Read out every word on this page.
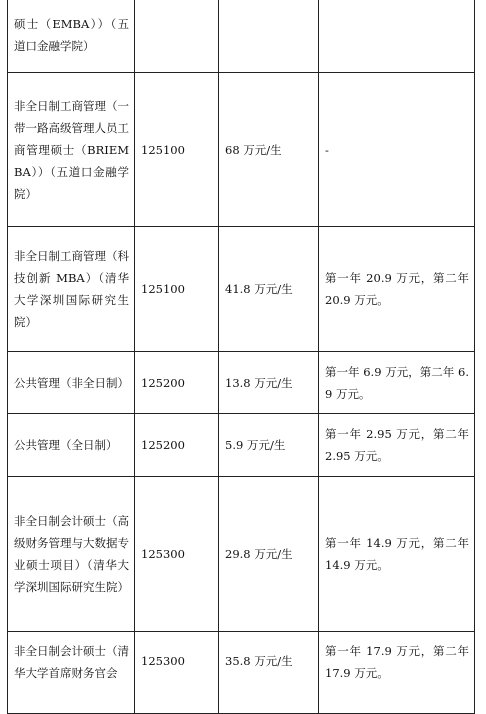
硕士（EMBA））（五道口金融学院）			
非全日制工商管理（一带一路高级管理人员工商管理硕士（BRIEMBA））（五道口金融学院）	125100	68 万元/生	-
非全日制工商管理（科技创新 MBA）（清华大学深圳国际研究生院）	125100	41.8 万元/生	第一年 20.9 万元，第二年 20.9 万元。
公共管理（非全日制）	125200	13.8 万元/生	第一年 6.9 万元，第二年 6.9 万元。
公共管理（全日制）	125200	5.9 万元/生	第一年 2.95 万元，第二年 2.95 万元。
非全日制会计硕士（高级财务管理与大数据专业硕士项目）（清华大学深圳国际研究生院）	125300	29.8 万元/生	第一年 14.9 万元，第二年 14.9 万元。
非全日制会计硕士（清华大学首席财务官会	125300	35.8 万元/生	第一年 17.9 万元，第二年 17.9 万元。
